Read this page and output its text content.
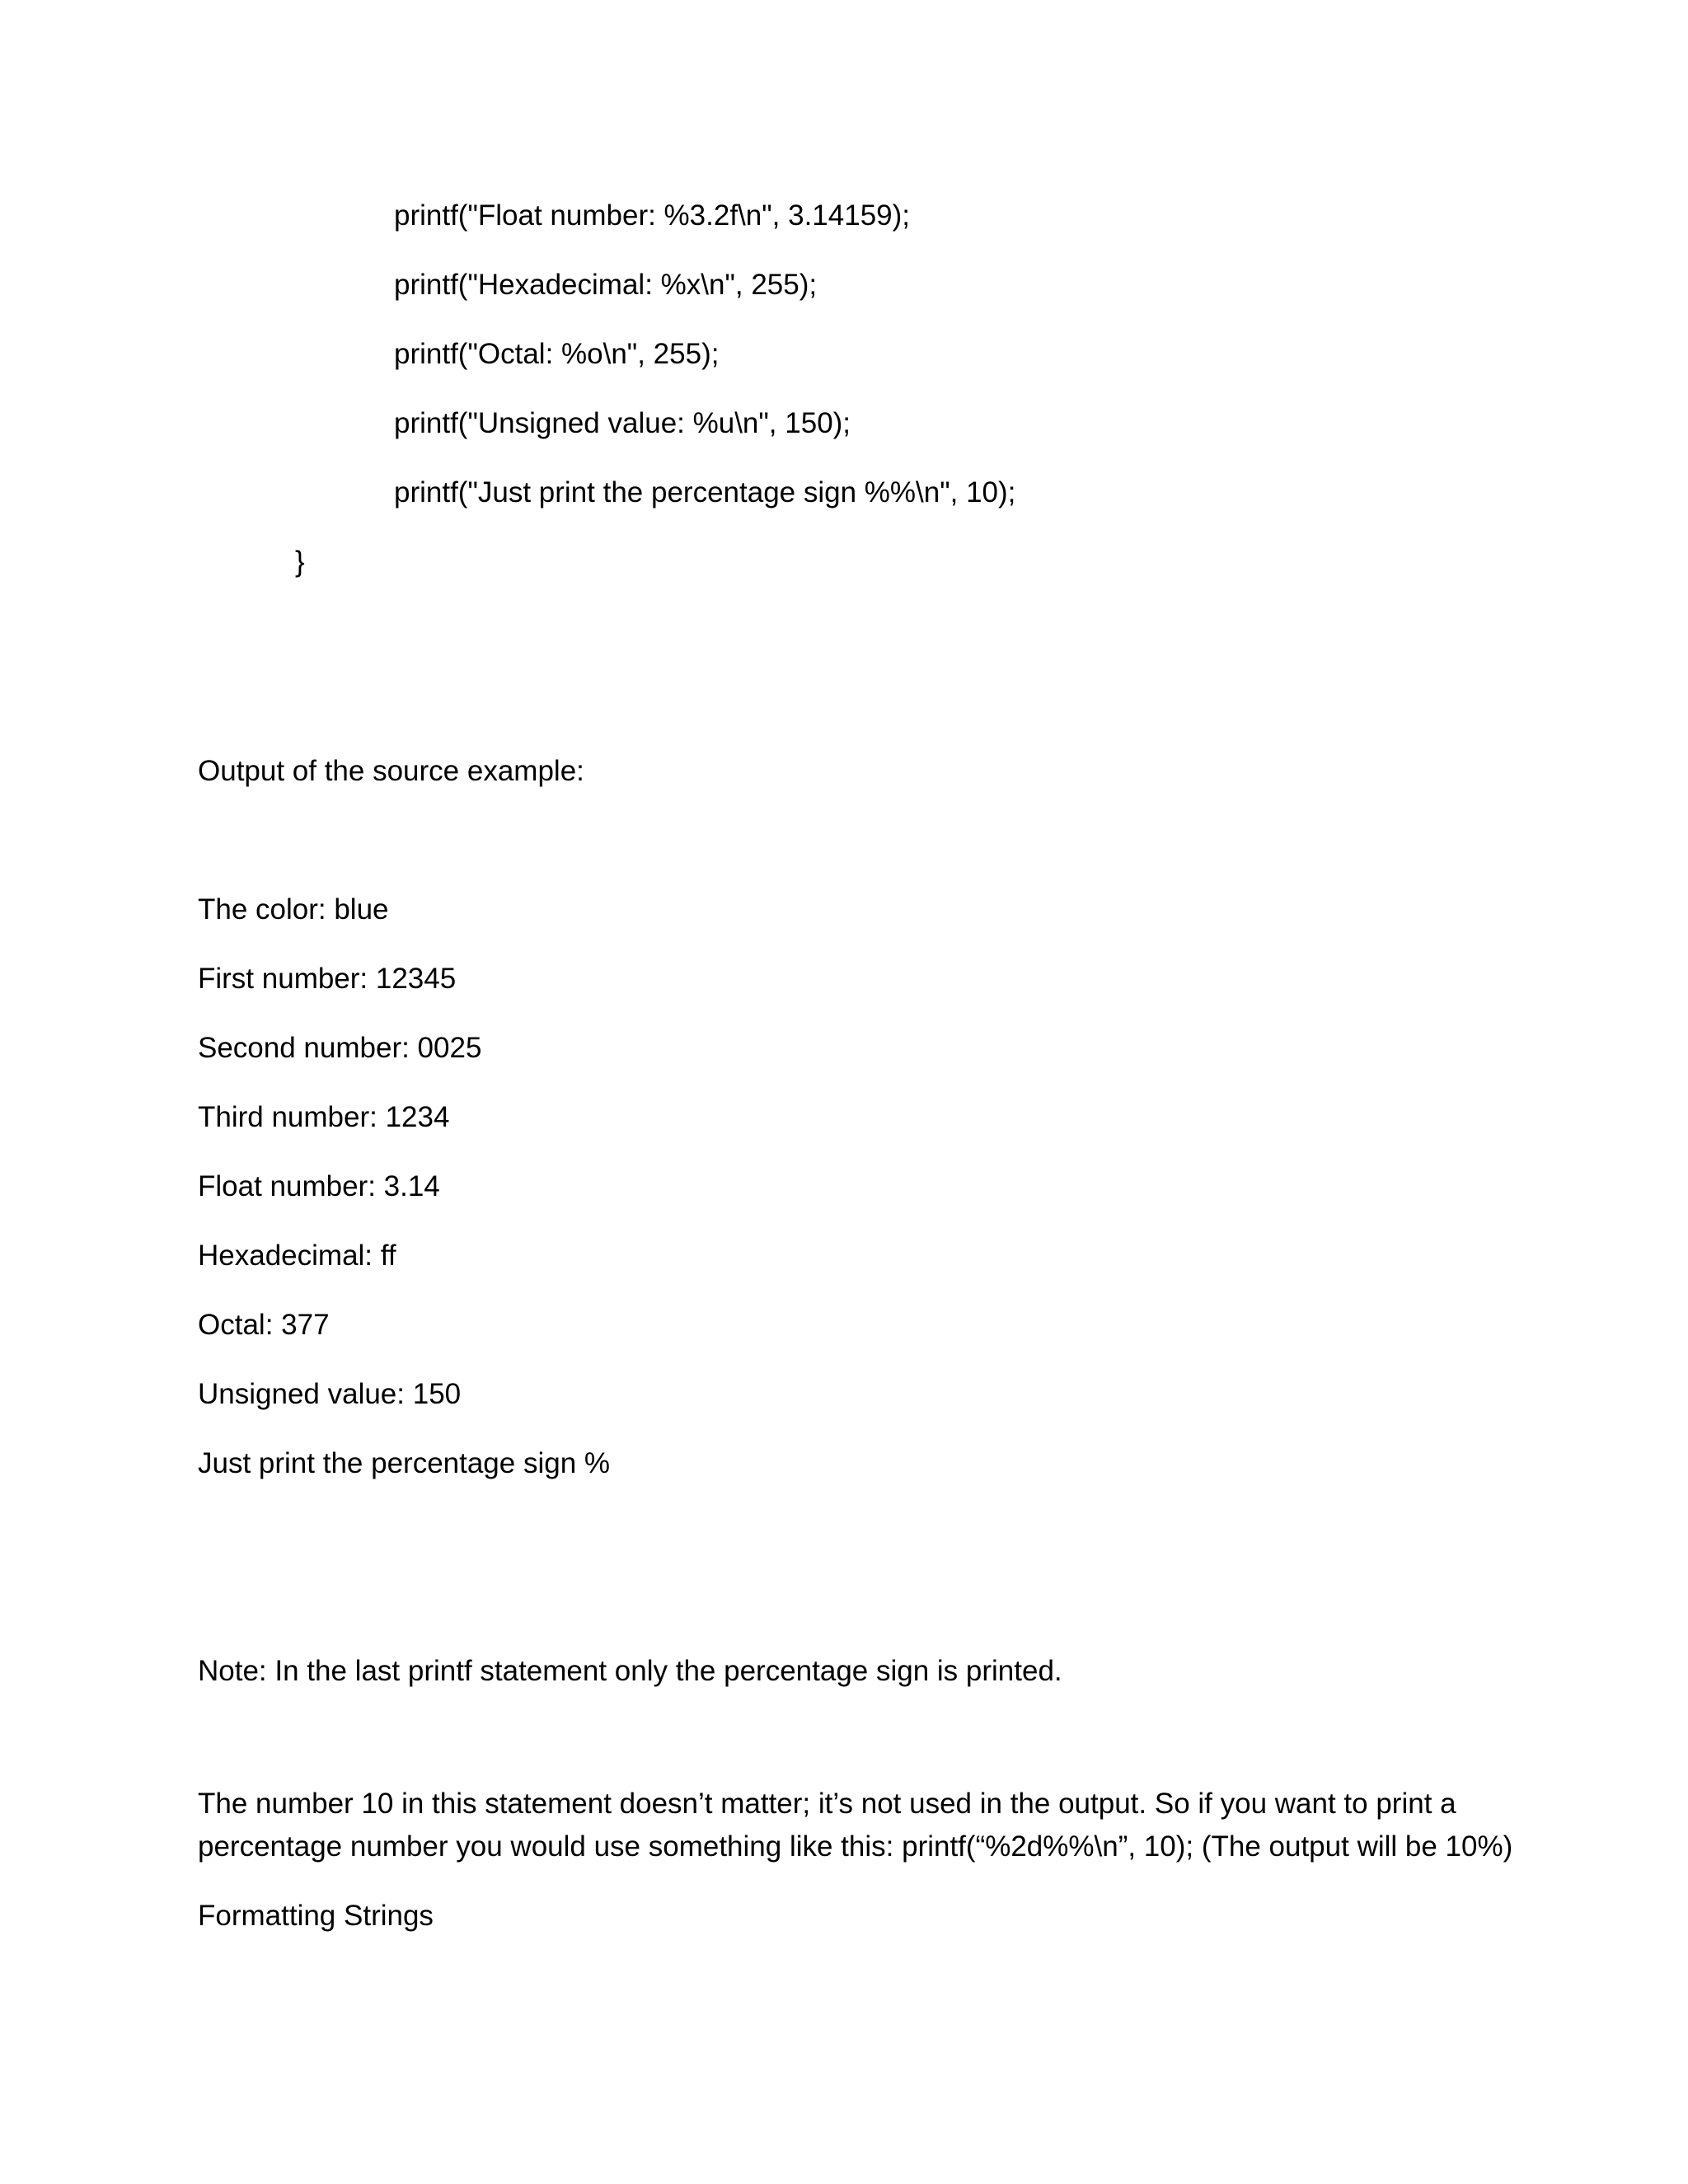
printf("Float number: %3.2f\n", 3.14159);

printf("Hexadecimal: %x\n", 255);

printf("Octal: %o\n", 255);

printf("Unsigned value: %u\n", 150);

printf("Just print the percentage sign %%\n", 10);

}

Output of the source example:

The color: blue

First number: 12345

Second number: 0025

Third number: 1234

Float number: 3.14

Hexadecimal: ff

Octal: 377

Unsigned value: 150

Just print the percentage sign %

Note: In the last printf statement only the percentage sign is printed.

The number 10 in this statement doesn’t matter; it’s not used in the output. So if you want to print a percentage number you would use something like this: printf(“%2d%%\n”, 10); (The output will be 10%)

Formatting Strings
